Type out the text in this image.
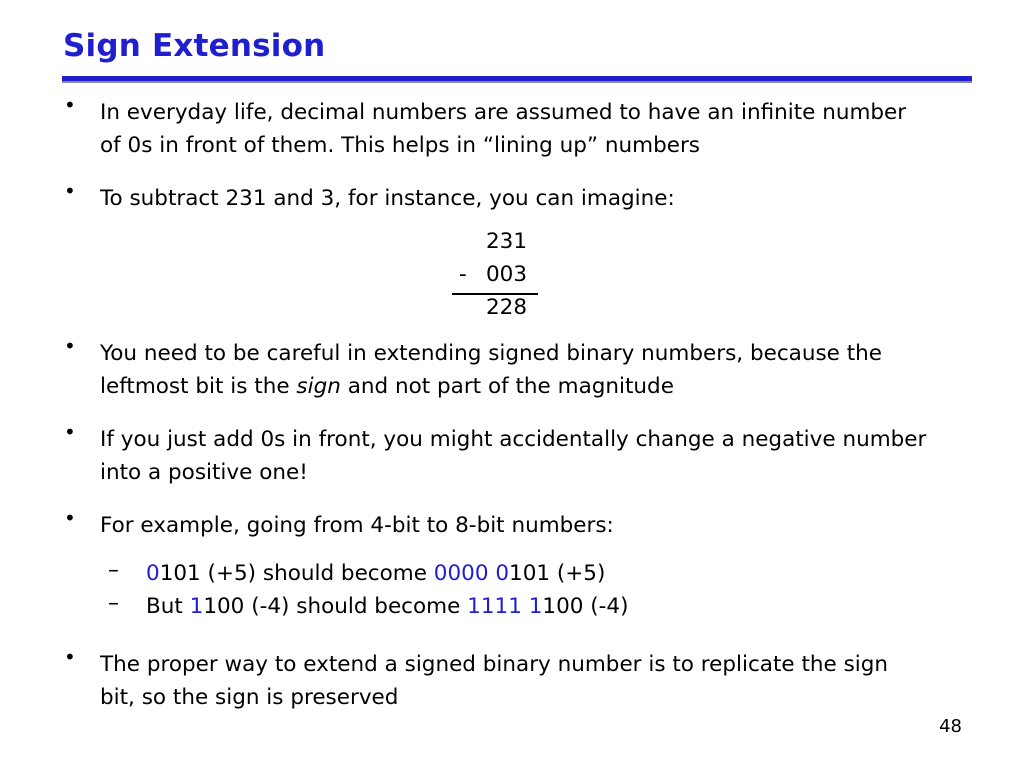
Sign Extension
• In everyday life, decimal numbers are assumed to have an infinite number
of 0s in front of them. This helps in “lining up” numbers
• To subtract 231 and 3, for instance, you can imagine:
231
- 003
228
• You need to be careful in extending signed binary numbers, because the
leftmost bit is the sign and not part of the magnitude
• If you just add 0s in front, you might accidentally change a negative number
into a positive one!
• For example, going from 4-bit to 8-bit numbers:
– 0101 (+5) should become 0000 0101 (+5)
– But 1100 (-4) should become 1111 1100 (-4)
• The proper way to extend a signed binary number is to replicate the sign
bit, so the sign is preserved
48
